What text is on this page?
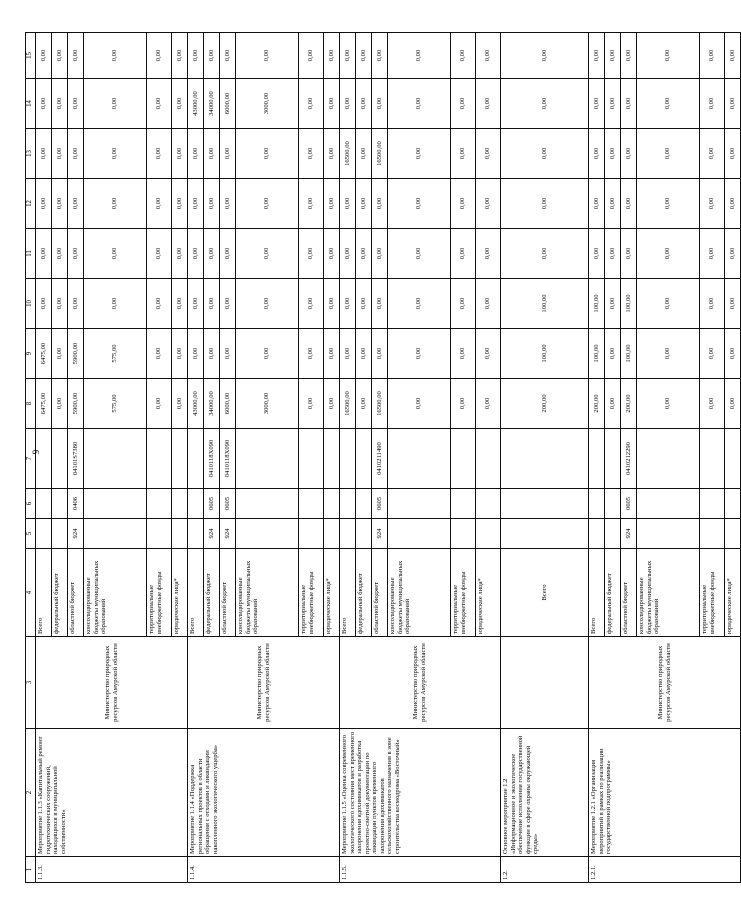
9
1	2	3	4	5	6	7	8	9	10	11	12	13	14	15
1.1.3.	Мероприятие 1.1.3 «Капитальный ремонт гидротехнических сооружений, находящихся в муниципальной собственности»	Министерство природных ресурсов Амурской области	Всего				6475,00	6475,00	0,00	0,00	0,00	0,00	0,00	0,00
			федеральный бюджет				0,00	0,00	0,00	0,00	0,00	0,00	0,00	0,00
			областной бюджет	924	0406	04101S7380	5900,00	5900,00	0,00	0,00	0,00	0,00	0,00	0,00
			консолидированные бюджеты муниципальных образований				575,00	575,00	0,00	0,00	0,00	0,00	0,00	0,00
			территориальные внебюджетные фонды				0,00	0,00	0,00	0,00	0,00	0,00	0,00	0,00
			юридические лица*				0,00	0,00	0,00	0,00	0,00	0,00	0,00	0,00
1.1.4.	Мероприятие 1.1.4 «Поддержка региональных проектов в области обращения с отходами и ликвидации накопленного экологического ущерба»	Министерство природных ресурсов Амурской области	Всего				43000,00	0,00	0,00	0,00	0,00	0,00	43000,00	0,00
			федеральный бюджет	924	0605	0410118Х090	34000,00	0,00	0,00	0,00	0,00	0,00	34000,00	0,00
			областной бюджет	924	0605	0410118Х090	6000,00	0,00	0,00	0,00	0,00	0,00	6000,00	0,00
			консолидированные бюджеты муниципальных образований				3000,00	0,00	0,00	0,00	0,00	0,00	3000,00	0,00
			территориальные внебюджетные фонды				0,00	0,00	0,00	0,00	0,00	0,00	0,00	0,00
			юридические лица*				0,00	0,00	0,00	0,00	0,00	0,00	0,00	0,00
1.1.5.	Мероприятие 1.1.5 «Оценка современного экологического состояния мест временного захоронения ядохимикатов и разработка проектно-сметной документации по ликвидации пунктов временного захоронения ядохимикатов сельскохозяйственного назначения в зоне строительства космодрома «Восточный»	Министерство природных ресурсов Амурской области	Всего				16500,00	0,00	0,00	0,00	0,00	16500,00	0,00	0,00
			федеральный бюджет				0,00	0,00	0,00	0,00	0,00	0,00	0,00	0,00
			областной бюджет	924	0605	0410211490	16500,00	0,00	0,00	0,00	0,00	16500,00	0,00	0,00
			консолидированные бюджеты муниципальных образований				0,00	0,00	0,00	0,00	0,00	0,00	0,00	0,00
			территориальные внебюджетные фонды				0,00	0,00	0,00	0,00	0,00	0,00	0,00	0,00
			юридические лица*				0,00	0,00	0,00	0,00	0,00	0,00	0,00	0,00
1.2.	Основное мероприятие 1.2 «Информационное и экологическое обеспечение исполнения государственной функции в сфере охраны окружающей среды»		Всего				200,00	100,00	100,00	0,00	0,00	0,00	0,00	0,00
1.2.1.	Мероприятие 1.2.1 «Организация мероприятий в рамках по реализации государственной подпрограммы»	Министерство природных ресурсов Амурской области	Всего				200,00	100,00	100,00	0,00	0,00	0,00	0,00	0,00
			федеральный бюджет				0,00	0,00	0,00	0,00	0,00	0,00	0,00	0,00
			областной бюджет	924	0605	0410212290	200,00	100,00	100,00	0,00	0,00	0,00	0,00	0,00
			консолидированные бюджеты муниципальных образований				0,00	0,00	0,00	0,00	0,00	0,00	0,00	0,00
			территориальные внебюджетные фонды				0,00	0,00	0,00	0,00	0,00	0,00	0,00	0,00
			юридические лица*				0,00	0,00	0,00	0,00	0,00	0,00	0,00	0,00
